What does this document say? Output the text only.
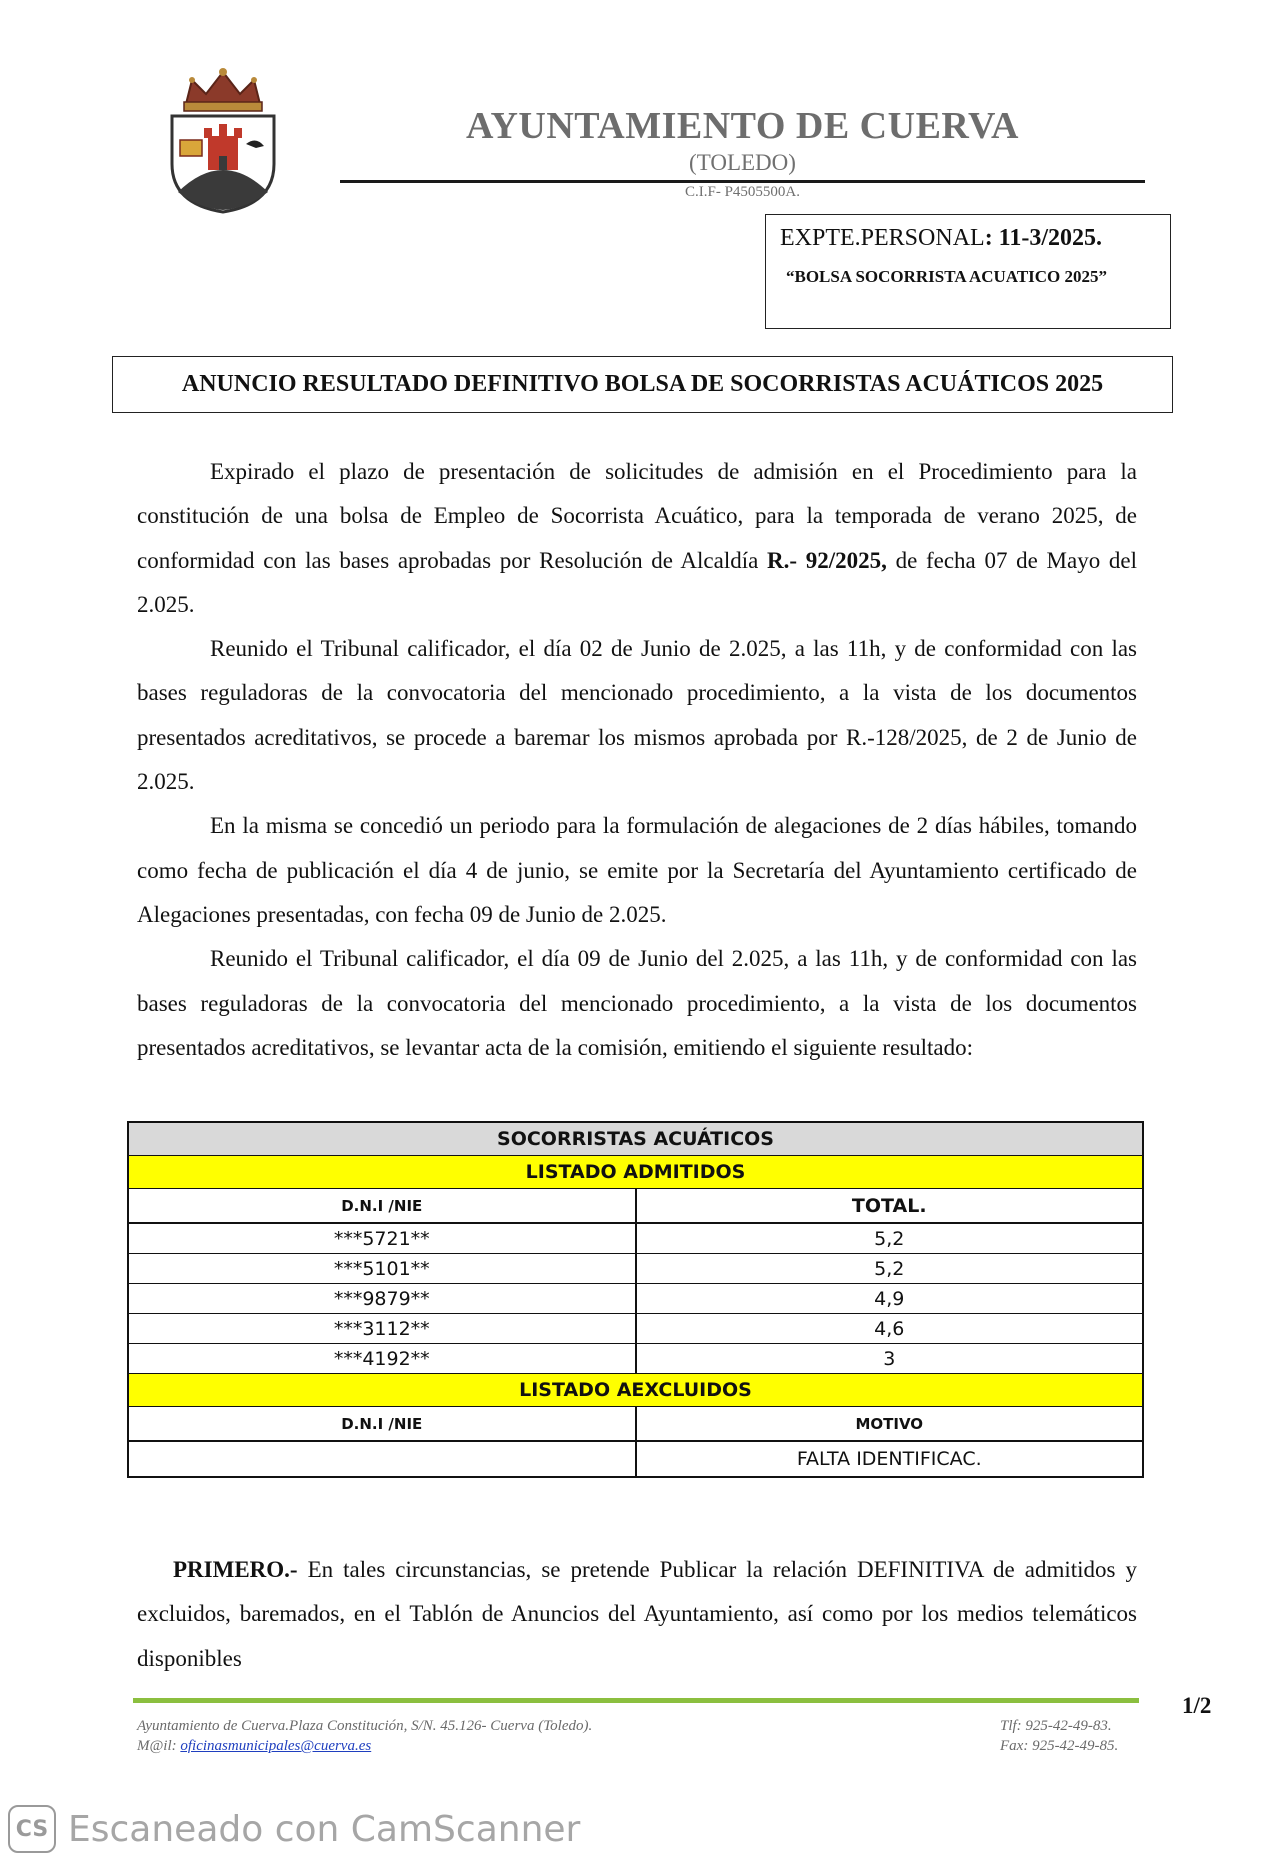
AYUNTAMIENTO DE CUERVA
(TOLEDO)
C.I.F- P4505500A.
EXPTE.PERSONAL: 11-3/2025.
“BOLSA SOCORRISTA ACUATICO 2025”
ANUNCIO RESULTADO DEFINITIVO BOLSA DE SOCORRISTAS ACUÁTICOS 2025

Expirado el plazo de presentación de solicitudes de admisión en el Procedimiento para la constitución de una bolsa de Empleo de Socorrista Acuático, para la temporada de verano 2025, de conformidad con las bases aprobadas por Resolución de Alcaldía R.- 92/2025, de fecha 07 de Mayo del 2.025.

Reunido el Tribunal calificador, el día 02 de Junio de 2.025, a las 11h, y de conformidad con las bases reguladoras de la convocatoria del mencionado procedimiento, a la vista de los documentos presentados acreditativos, se procede a baremar los mismos aprobada por R.-128/2025, de 2 de Junio de 2.025.

En la misma se concedió un periodo para la formulación de alegaciones de 2 días hábiles, tomando como fecha de publicación el día 4 de junio, se emite por la Secretaría del Ayuntamiento certificado de Alegaciones presentadas, con fecha 09 de Junio de 2.025.

Reunido el Tribunal calificador, el día 09 de Junio del 2.025, a las 11h, y de conformidad con las bases reguladoras de la convocatoria del mencionado procedimiento, a la vista de los documentos presentados acreditativos, se levantar acta de la comisión, emitiendo el siguiente resultado:

SOCORRISTAS ACUÁTICOS	
LISTADO ADMITIDOS	
D.N.I /NIE	TOTAL.
***5721**	5,2
***5101**	5,2
***9879**	4,9
***3112**	4,6
***4192**	3
LISTADO AEXCLUIDOS	
D.N.I /NIE	MOTIVO
	FALTA IDENTIFICAC.

PRIMERO.- En tales circunstancias, se pretende Publicar la relación DEFINITIVA de admitidos y excluidos, baremados, en el Tablón de Anuncios del Ayuntamiento, así como por los medios telemáticos disponibles

1/2
Ayuntamiento de Cuerva.Plaza Constitución, S/N. 45.126- Cuerva (Toledo).
M@il: oficinasmunicipales@cuerva.es
Tlf: 925-42-49-83.
Fax: 925-42-49-85.
CS Escaneado con CamScanner
